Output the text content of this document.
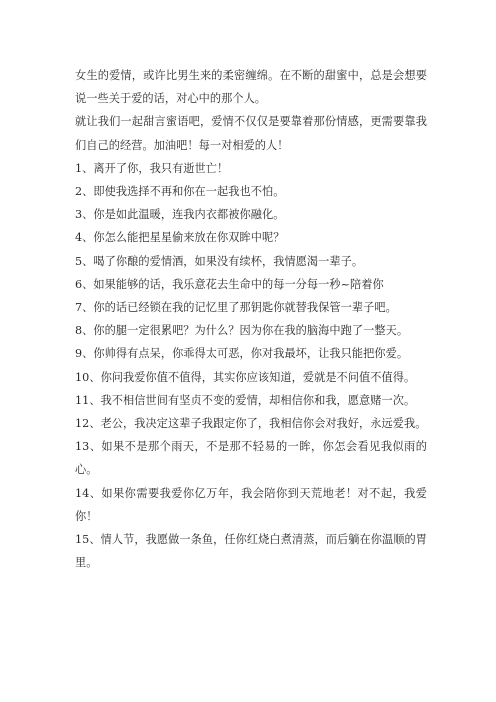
女生的爱情，或许比男生来的柔密缠绵。在不断的甜蜜中，总是会想要说一些关于爱的话，对心中的那个人。

就让我们一起甜言蜜语吧，爱情不仅仅是要靠着那份情感，更需要靠我们自己的经营。加油吧！每一对相爱的人！

1、离开了你，我只有逝世亡！

2、即使我选择不再和你在一起我也不怕。

3、你是如此温暖，连我内衣都被你融化。

4、你怎么能把星星偷来放在你双眸中呢？

5、喝了你酿的爱情酒，如果没有续杯，我情愿渴一辈子。

6、如果能够的话，我乐意花去生命中的每一分每一秒~陪着你

7、你的话已经锁在我的记忆里了那钥匙你就替我保管一辈子吧。

8、你的腿一定很累吧？为什么？因为你在我的脑海中跑了一整天。

9、你帅得有点呆，你乖得太可恶，你对我最坏，让我只能把你爱。

10、你问我爱你值不值得，其实你应该知道，爱就是不问值不值得。

11、我不相信世间有坚贞不变的爱情，却相信你和我，愿意赌一次。

12、老公，我决定这辈子我跟定你了，我相信你会对我好，永远爱我。

13、如果不是那个雨天，不是那不轻易的一眸，你怎会看见我似雨的心。

14、如果你需要我爱你亿万年，我会陪你到天荒地老！对不起，我爱你！

15、情人节，我愿做一条鱼，任你红烧白煮清蒸，而后躺在你温顺的胃里。
